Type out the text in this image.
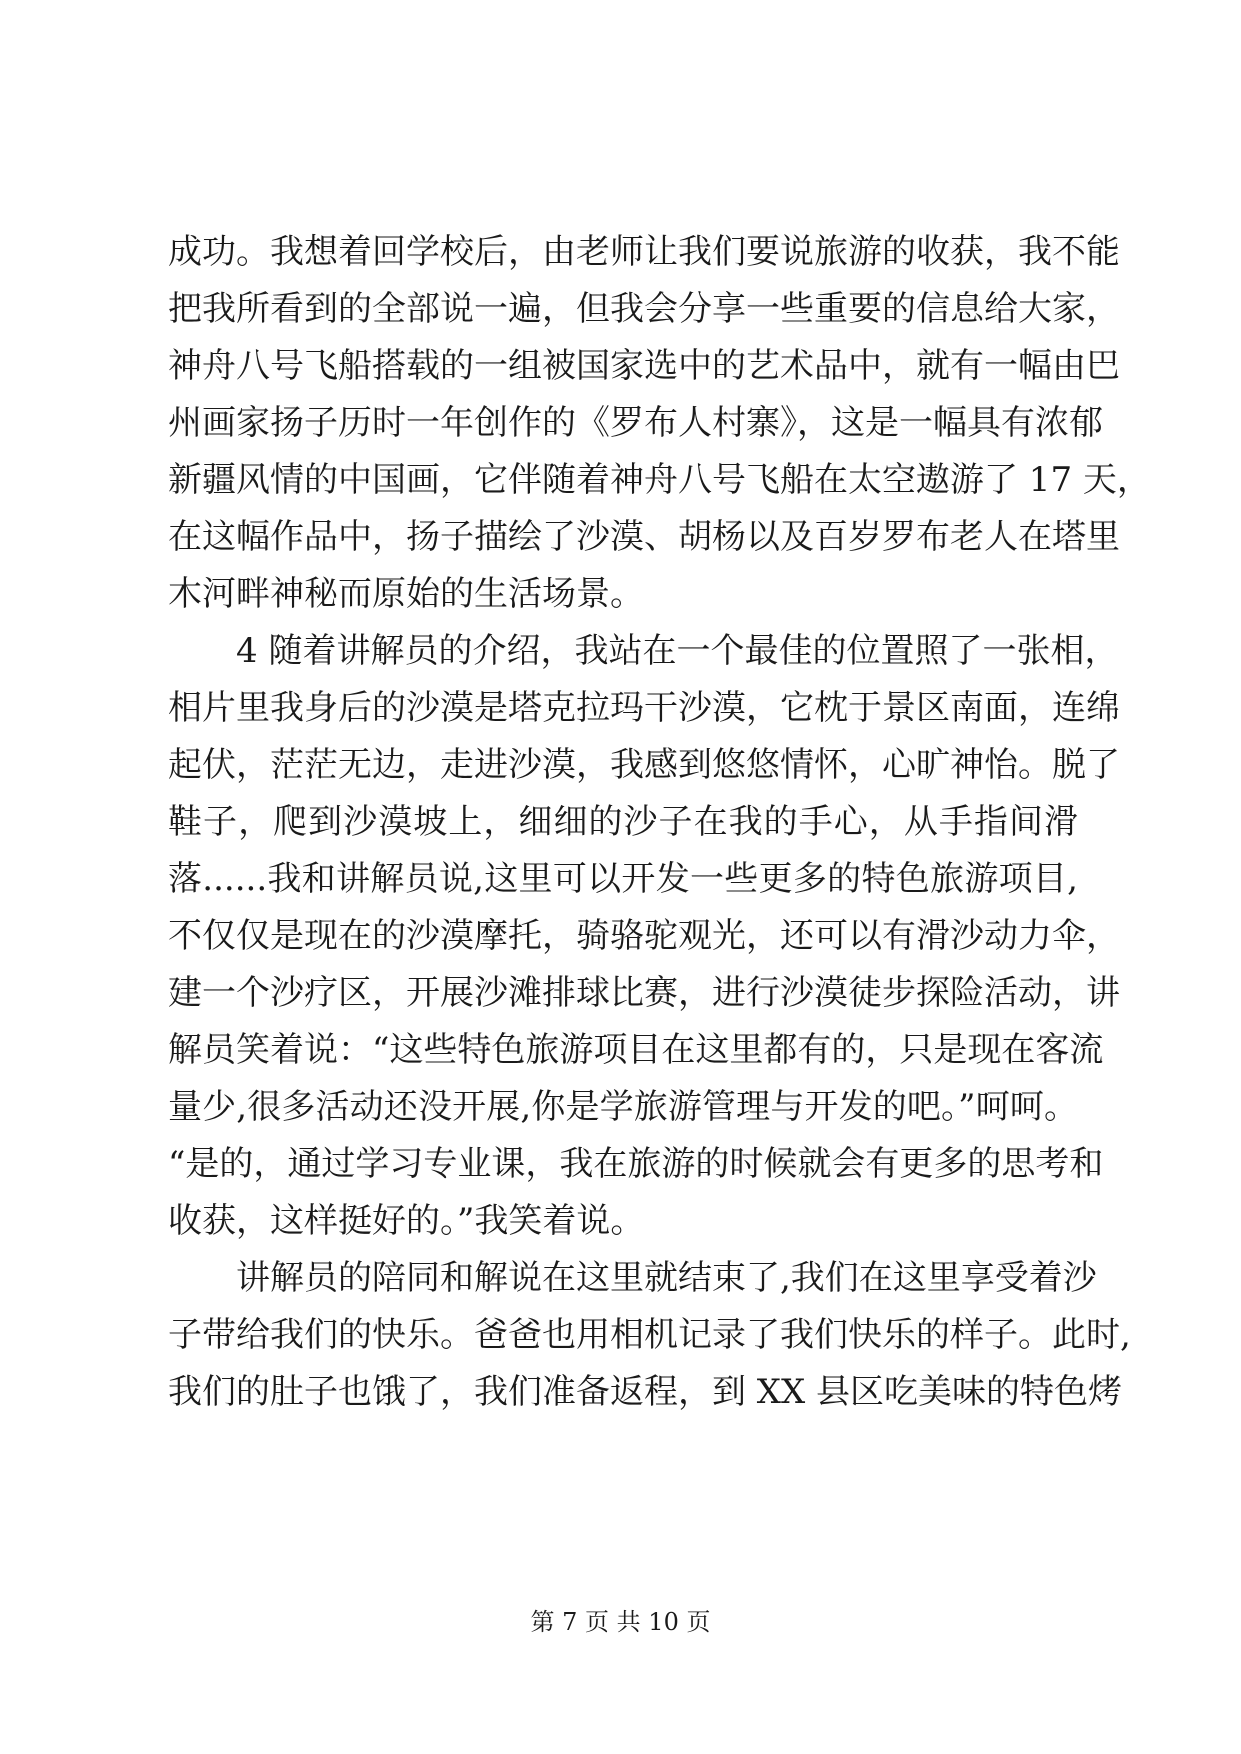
成功。我想着回学校后，由老师让我们要说旅游的收获，我不能
把我所看到的全部说一遍，但我会分享一些重要的信息给大家，
神舟八号飞船搭载的一组被国家选中的艺术品中，就有一幅由巴
州画家扬子历时一年创作的《罗布人村寨》，这是一幅具有浓郁
新疆风情的中国画，它伴随着神舟八号飞船在太空遨游了 17 天，
在这幅作品中，扬子描绘了沙漠、胡杨以及百岁罗布老人在塔里
木河畔神秘而原始的生活场景。
4 随着讲解员的介绍，我站在一个最佳的位置照了一张相，
相片里我身后的沙漠是塔克拉玛干沙漠，它枕于景区南面，连绵
起伏，茫茫无边，走进沙漠，我感到悠悠情怀，心旷神怡。脱了
鞋子，爬到沙漠坡上，细细的沙子在我的手心，从手指间滑
落......我和讲解员说,这里可以开发一些更多的特色旅游项目,
不仅仅是现在的沙漠摩托，骑骆驼观光，还可以有滑沙动力伞，
建一个沙疗区，开展沙滩排球比赛，进行沙漠徒步探险活动，讲
解员笑着说：“这些特色旅游项目在这里都有的，只是现在客流
量少,很多活动还没开展,你是学旅游管理与开发的吧。”呵呵。
“是的，通过学习专业课，我在旅游的时候就会有更多的思考和
收获，这样挺好的。”我笑着说。
讲解员的陪同和解说在这里就结束了,我们在这里享受着沙
子带给我们的快乐。爸爸也用相机记录了我们快乐的样子。此时,
我们的肚子也饿了，我们准备返程，到 XX 县区吃美味的特色烤
第 7 页 共 10 页
